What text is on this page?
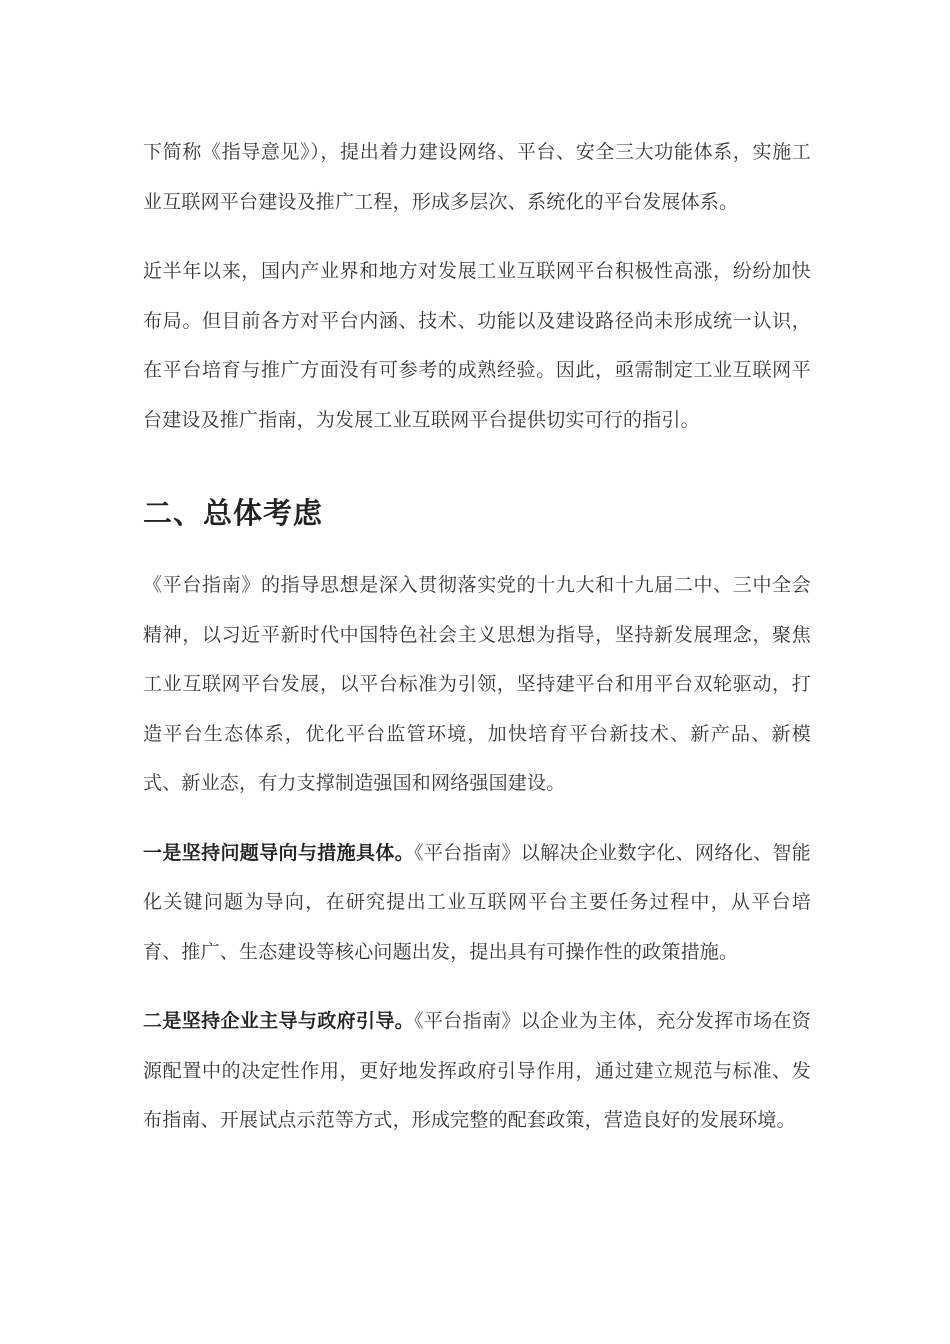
下简称《指导意见》），提出着力建设网络、平台、安全三大功能体系，实施工业互联网平台建设及推广工程，形成多层次、系统化的平台发展体系。

近半年以来，国内产业界和地方对发展工业互联网平台积极性高涨，纷纷加快布局。但目前各方对平台内涵、技术、功能以及建设路径尚未形成统一认识，在平台培育与推广方面没有可参考的成熟经验。因此，亟需制定工业互联网平台建设及推广指南，为发展工业互联网平台提供切实可行的指引。

二、总体考虑

《平台指南》的指导思想是深入贯彻落实党的十九大和十九届二中、三中全会精神，以习近平新时代中国特色社会主义思想为指导，坚持新发展理念，聚焦工业互联网平台发展，以平台标准为引领，坚持建平台和用平台双轮驱动，打造平台生态体系，优化平台监管环境，加快培育平台新技术、新产品、新模式、新业态，有力支撑制造强国和网络强国建设。

一是坚持问题导向与措施具体。《平台指南》以解决企业数字化、网络化、智能化关键问题为导向，在研究提出工业互联网平台主要任务过程中，从平台培育、推广、生态建设等核心问题出发，提出具有可操作性的政策措施。

二是坚持企业主导与政府引导。《平台指南》以企业为主体，充分发挥市场在资源配置中的决定性作用，更好地发挥政府引导作用，通过建立规范与标准、发布指南、开展试点示范等方式，形成完整的配套政策，营造良好的发展环境。
